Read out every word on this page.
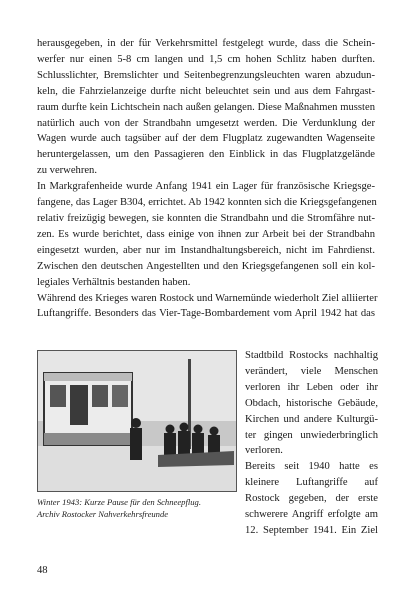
herausgegeben, in der für Verkehrsmittel festgelegt wurde, dass die Schein-
werfer nur einen 5-8 cm langen und 1,5 cm hohen Schlitz haben durften.
Schlusslichter, Bremslichter und Seitenbegrenzungsleuchten waren abzudun-
keln, die Fahrzielanzeige durfte nicht beleuchtet sein und aus dem Fahrgast-
raum durfte kein Lichtschein nach außen gelangen. Diese Maßnahmen mussten
natürlich auch von der Strandbahn umgesetzt werden. Die Verdunklung der
Wagen wurde auch tagsüber auf der dem Flugplatz zugewandten Wagenseite
heruntergelassen, um den Passagieren den Einblick in das Flugplatzgelände
zu verwehren.
In Markgrafenheide wurde Anfang 1941 ein Lager für französische Kriegsge-
fangene, das Lager B304, errichtet. Ab 1942 konnten sich die Kriegsgefangenen
relativ freizügig bewegen, sie konnten die Strandbahn und die Stromfähre nut-
zen. Es wurde berichtet, dass einige von ihnen zur Arbeit bei der Strandbahn
eingesetzt wurden, aber nur im Instandhaltungsbereich, nicht im Fahrdienst.
Zwischen den deutschen Angestellten und den Kriegsgefangenen soll ein kol-
legiales Verhältnis bestanden haben.
Während des Krieges waren Rostock und Warnemünde wiederholt Ziel alliierter
Luftangriffe. Besonders das Vier-Tage-Bombardement vom April 1942 hat das
Stadtbild Rostocks nachhaltig
verändert, viele Menschen
verloren ihr Leben oder ihr
Obdach, historische Gebäude,
Kirchen und andere Kulturgü-
ter gingen unwiederbringlich
verloren.
Bereits seit 1940 hatte es
kleinere Luftangriffe auf
Rostock gegeben, der erste
schwerere Angriff erfolgte am
12. September 1941. Ein Ziel
Winter 1943: Kurze Pause für den Schneepflug.
Archiv Rostocker Nahverkehrsfreunde
48
